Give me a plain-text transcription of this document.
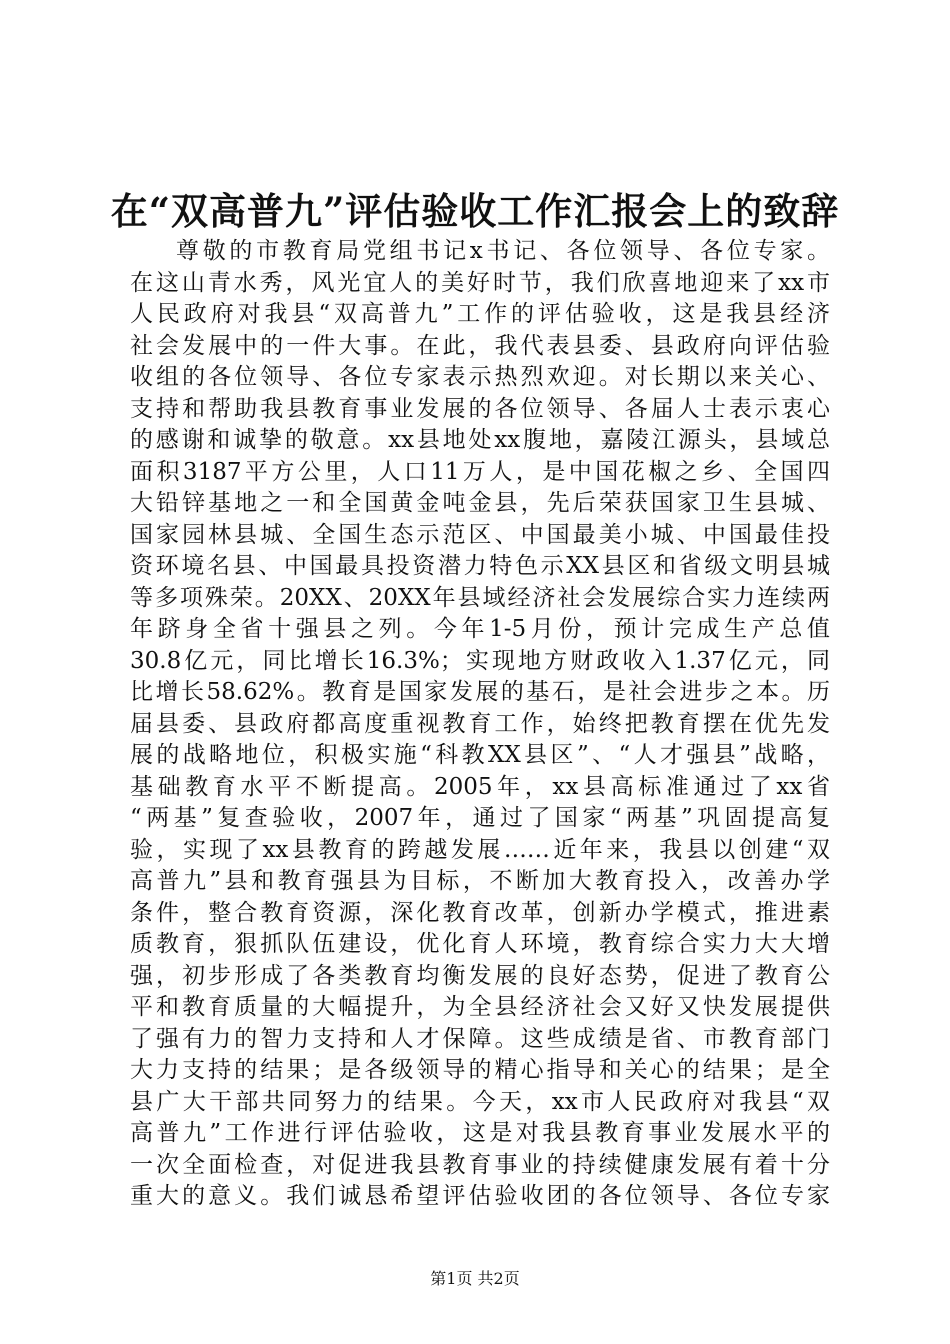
在“双高普九”评估验收工作汇报会上的致辞
尊敬的市教育局党组书记x书记、各位领导、各位专家。
在这山青水秀，风光宜人的美好时节，我们欣喜地迎来了xx市
人民政府对我县“双高普九”工作的评估验收，这是我县经济
社会发展中的一件大事。在此，我代表县委、县政府向评估验
收组的各位领导、各位专家表示热烈欢迎。对长期以来关心、
支持和帮助我县教育事业发展的各位领导、各届人士表示衷心
的感谢和诚挚的敬意。xx县地处xx腹地，嘉陵江源头，县域总
面积3187平方公里，人口11万人，是中国花椒之乡、全国四
大铅锌基地之一和全国黄金吨金县，先后荣获国家卫生县城、
国家园林县城、全国生态示范区、中国最美小城、中国最佳投
资环境名县、中国最具投资潜力特色示XX县区和省级文明县城
等多项殊荣。20XX、20XX年县域经济社会发展综合实力连续两
年跻身全省十强县之列。今年1-5月份，预计完成生产总值
30.8亿元，同比增长16.3%；实现地方财政收入1.37亿元，同
比增长58.62%。教育是国家发展的基石，是社会进步之本。历
届县委、县政府都高度重视教育工作，始终把教育摆在优先发
展的战略地位，积极实施“科教XX县区”、“人才强县”战略，
基础教育水平不断提高。2005年，xx县高标准通过了xx省
“两基”复查验收，2007年，通过了国家“两基”巩固提高复
验，实现了xx县教育的跨越发展……近年来，我县以创建“双
高普九”县和教育强县为目标，不断加大教育投入，改善办学
条件，整合教育资源，深化教育改革，创新办学模式，推进素
质教育，狠抓队伍建设，优化育人环境，教育综合实力大大增
强，初步形成了各类教育均衡发展的良好态势，促进了教育公
平和教育质量的大幅提升，为全县经济社会又好又快发展提供
了强有力的智力支持和人才保障。这些成绩是省、市教育部门
大力支持的结果；是各级领导的精心指导和关心的结果；是全
县广大干部共同努力的结果。今天，xx市人民政府对我县“双
高普九”工作进行评估验收，这是对我县教育事业发展水平的
一次全面检查，对促进我县教育事业的持续健康发展有着十分
重大的意义。我们诚恳希望评估验收团的各位领导、各位专家
第1页 共2页
